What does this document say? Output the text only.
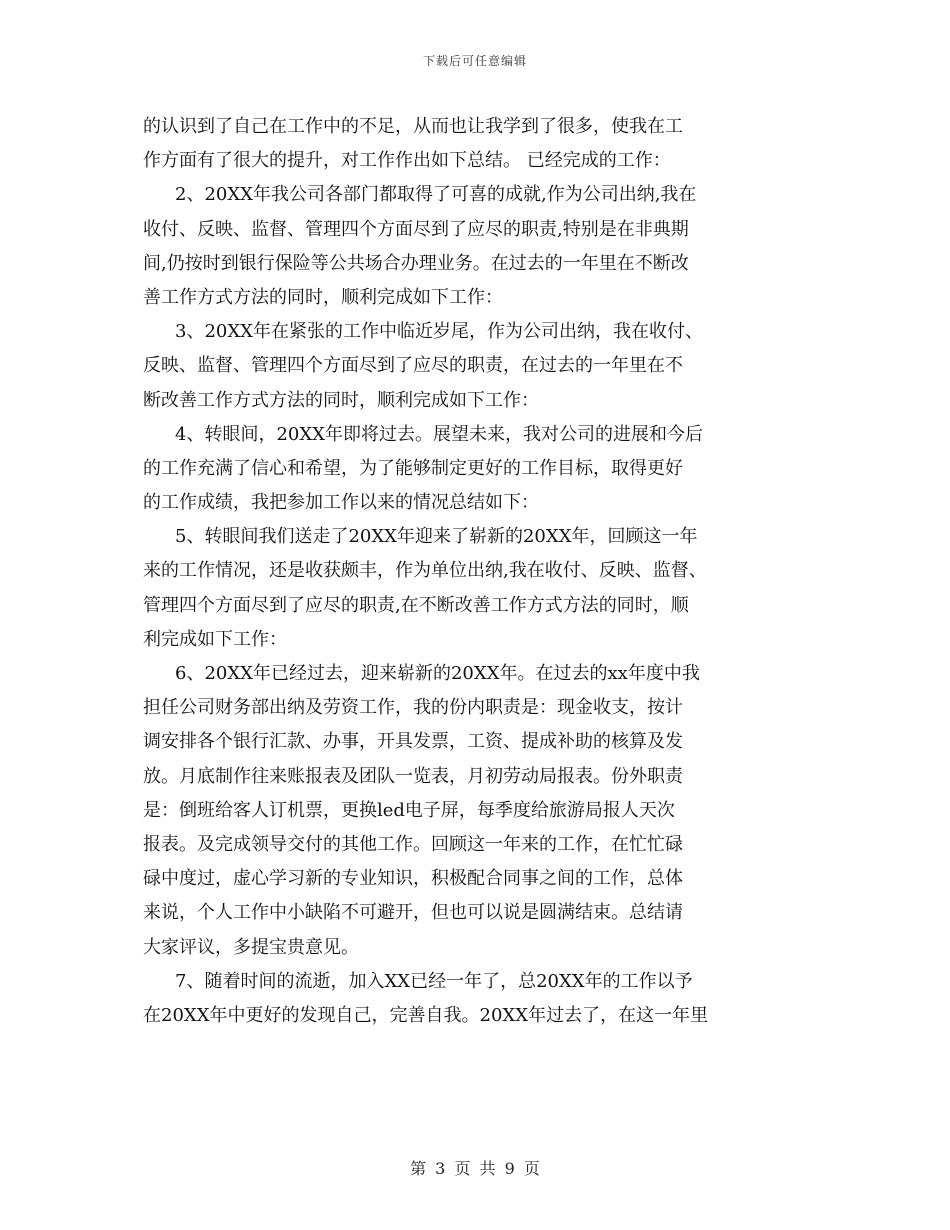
下载后可任意编辑
的认识到了自己在工作中的不足，从而也让我学到了很多，使我在工
作方面有了很大的提升，对工作作出如下总结。 已经完成的工作：
2、20XX年我公司各部门都取得了可喜的成就,作为公司出纳,我在
收付、反映、监督、管理四个方面尽到了应尽的职责,特别是在非典期
间,仍按时到银行保险等公共场合办理业务。在过去的一年里在不断改
善工作方式方法的同时，顺利完成如下工作：
3、20XX年在紧张的工作中临近岁尾，作为公司出纳，我在收付、
反映、监督、管理四个方面尽到了应尽的职责，在过去的一年里在不
断改善工作方式方法的同时，顺利完成如下工作：
4、转眼间，20XX年即将过去。展望未来，我对公司的进展和今后
的工作充满了信心和希望，为了能够制定更好的工作目标，取得更好
的工作成绩，我把参加工作以来的情况总结如下：
5、转眼间我们送走了20XX年迎来了崭新的20XX年，回顾这一年
来的工作情况，还是收获颇丰，作为单位出纳,我在收付、反映、监督、
管理四个方面尽到了应尽的职责,在不断改善工作方式方法的同时，顺
利完成如下工作：
6、20XX年已经过去，迎来崭新的20XX年。在过去的xx年度中我
担任公司财务部出纳及劳资工作，我的份内职责是：现金收支，按计
调安排各个银行汇款、办事，开具发票，工资、提成补助的核算及发
放。月底制作往来账报表及团队一览表，月初劳动局报表。份外职责
是：倒班给客人订机票，更换led电子屏，每季度给旅游局报人天次
报表。及完成领导交付的其他工作。回顾这一年来的工作，在忙忙碌
碌中度过，虚心学习新的专业知识，积极配合同事之间的工作，总体
来说，个人工作中小缺陷不可避开，但也可以说是圆满结束。总结请
大家评议，多提宝贵意见。
7、随着时间的流逝，加入XX已经一年了，总20XX年的工作以予
在20XX年中更好的发现自己，完善自我。20XX年过去了，在这一年里
第 3 页 共 9 页
